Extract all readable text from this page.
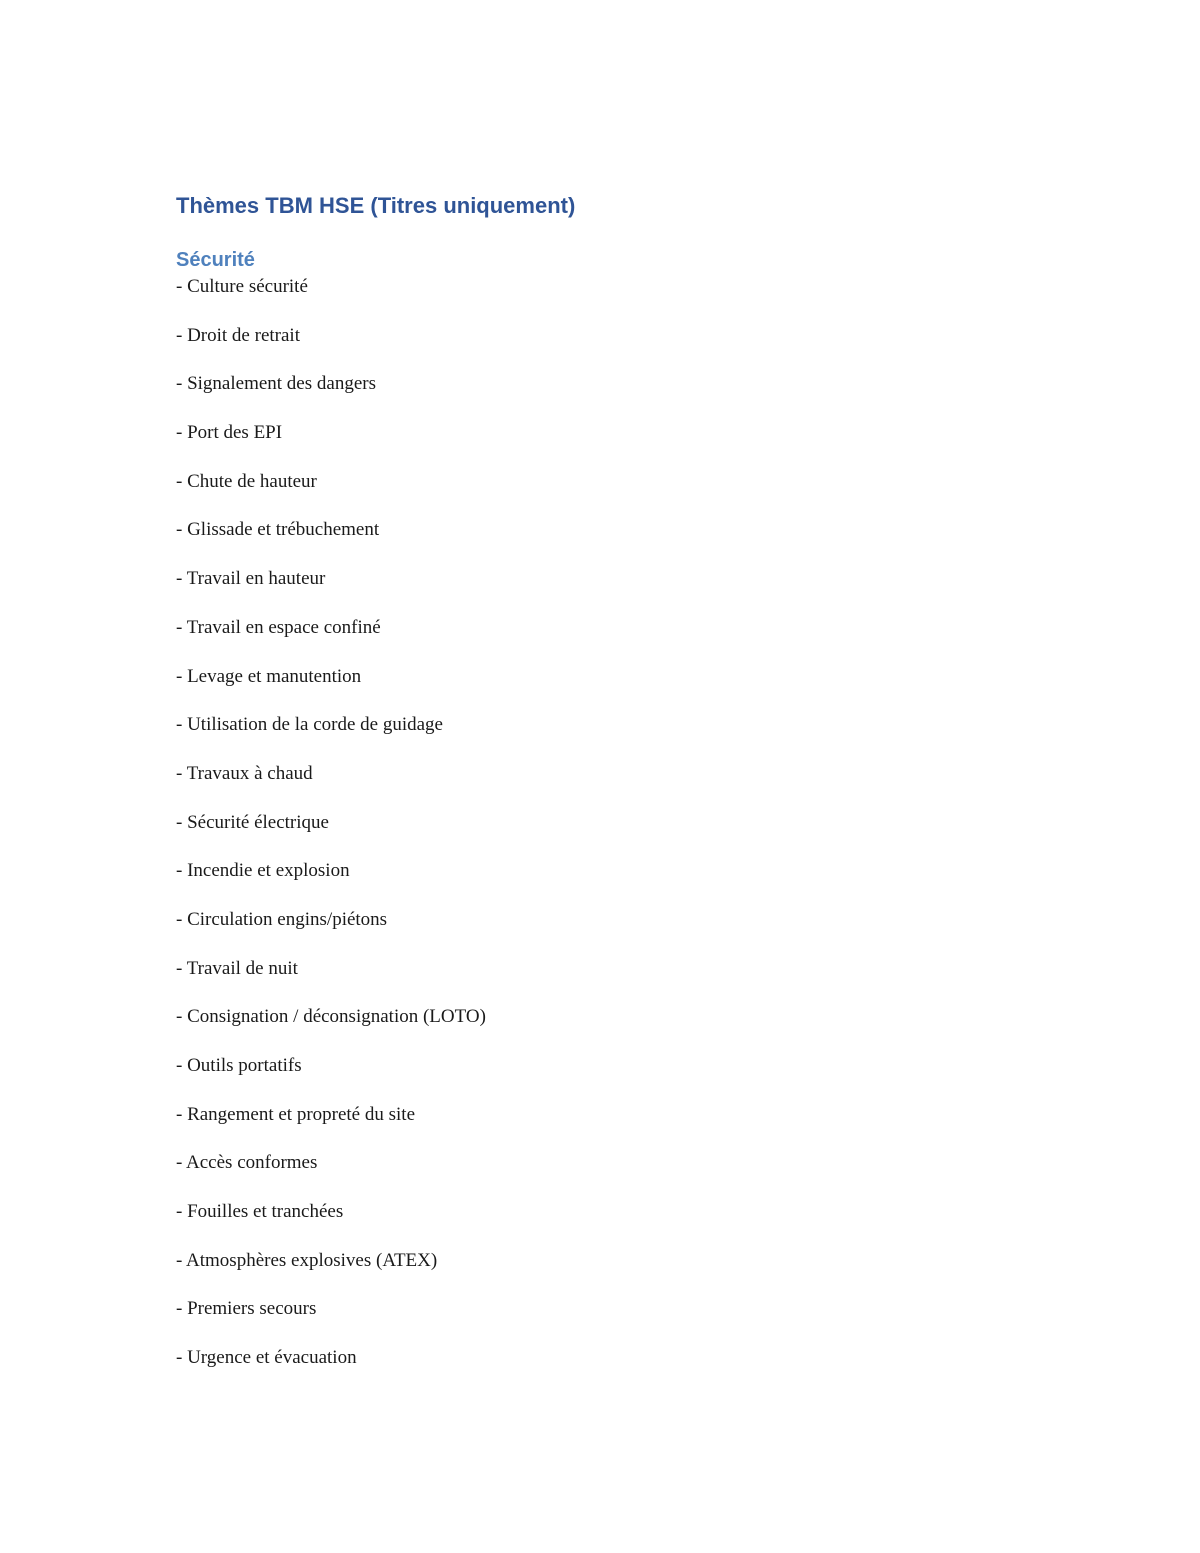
Thèmes TBM HSE (Titres uniquement)
Sécurité
- Culture sécurité
- Droit de retrait
- Signalement des dangers
- Port des EPI
- Chute de hauteur
- Glissade et trébuchement
- Travail en hauteur
- Travail en espace confiné
- Levage et manutention
- Utilisation de la corde de guidage
- Travaux à chaud
- Sécurité électrique
- Incendie et explosion
- Circulation engins/piétons
- Travail de nuit
- Consignation / déconsignation (LOTO)
- Outils portatifs
- Rangement et propreté du site
- Accès conformes
- Fouilles et tranchées
- Atmosphères explosives (ATEX)
- Premiers secours
- Urgence et évacuation
